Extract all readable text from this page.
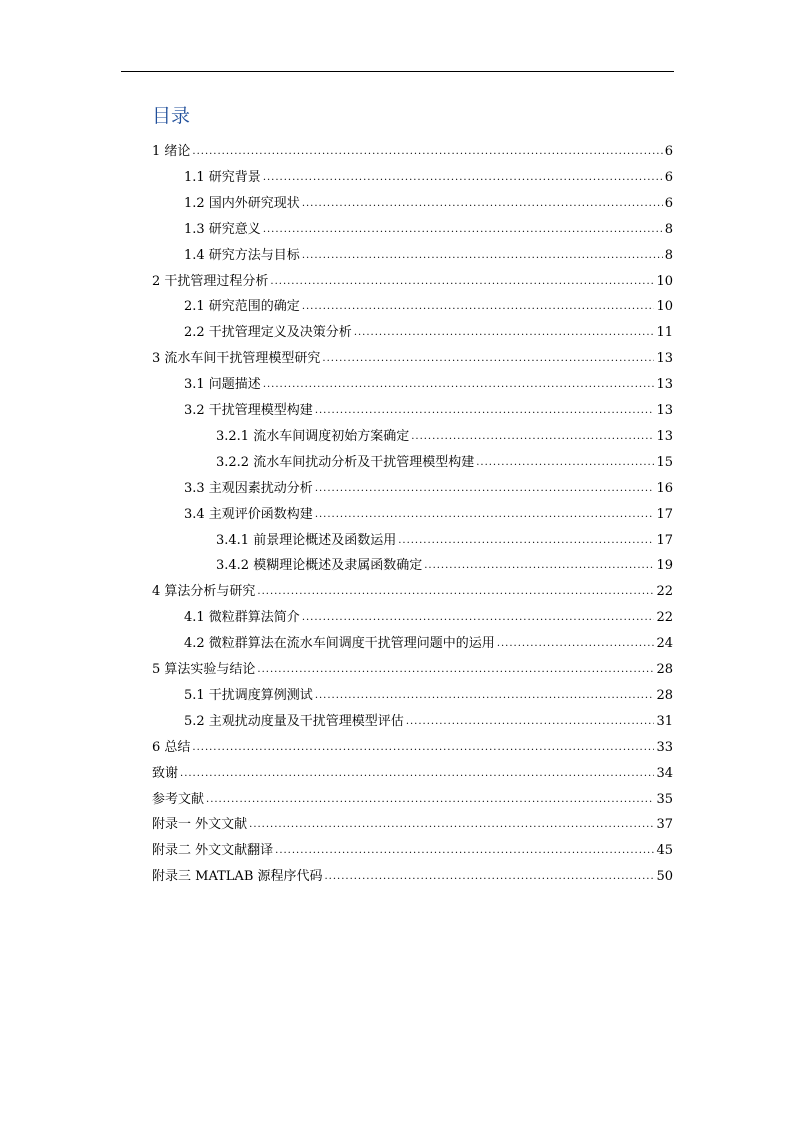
目录
1 绪论 .....	6
1.1 研究背景 .....	6
1.2 国内外研究现状 .....	6
1.3 研究意义 .....	8
1.4 研究方法与目标 .....	8
2 干扰管理过程分析 .....	10
2.1 研究范围的确定 .....	10
2.2 干扰管理定义及决策分析 .....	11
3 流水车间干扰管理模型研究 .....	13
3.1 问题描述 .....	13
3.2 干扰管理模型构建 .....	13
3.2.1 流水车间调度初始方案确定 .....	13
3.2.2 流水车间扰动分析及干扰管理模型构建 .....	15
3.3 主观因素扰动分析 .....	16
3.4 主观评价函数构建 .....	17
3.4.1 前景理论概述及函数运用 .....	17
3.4.2 模糊理论概述及隶属函数确定 .....	19
4 算法分析与研究 .....	22
4.1 微粒群算法简介 .....	22
4.2 微粒群算法在流水车间调度干扰管理问题中的运用 .....	24
5 算法实验与结论 .....	28
5.1 干扰调度算例测试 .....	28
5.2 主观扰动度量及干扰管理模型评估 .....	31
6 总结 .....	33
致谢 .....	34
参考文献 .....	35
附录一 外文文献 .....	37
附录二 外文文献翻译 .....	45
附录三 MATLAB 源程序代码 .....	50
